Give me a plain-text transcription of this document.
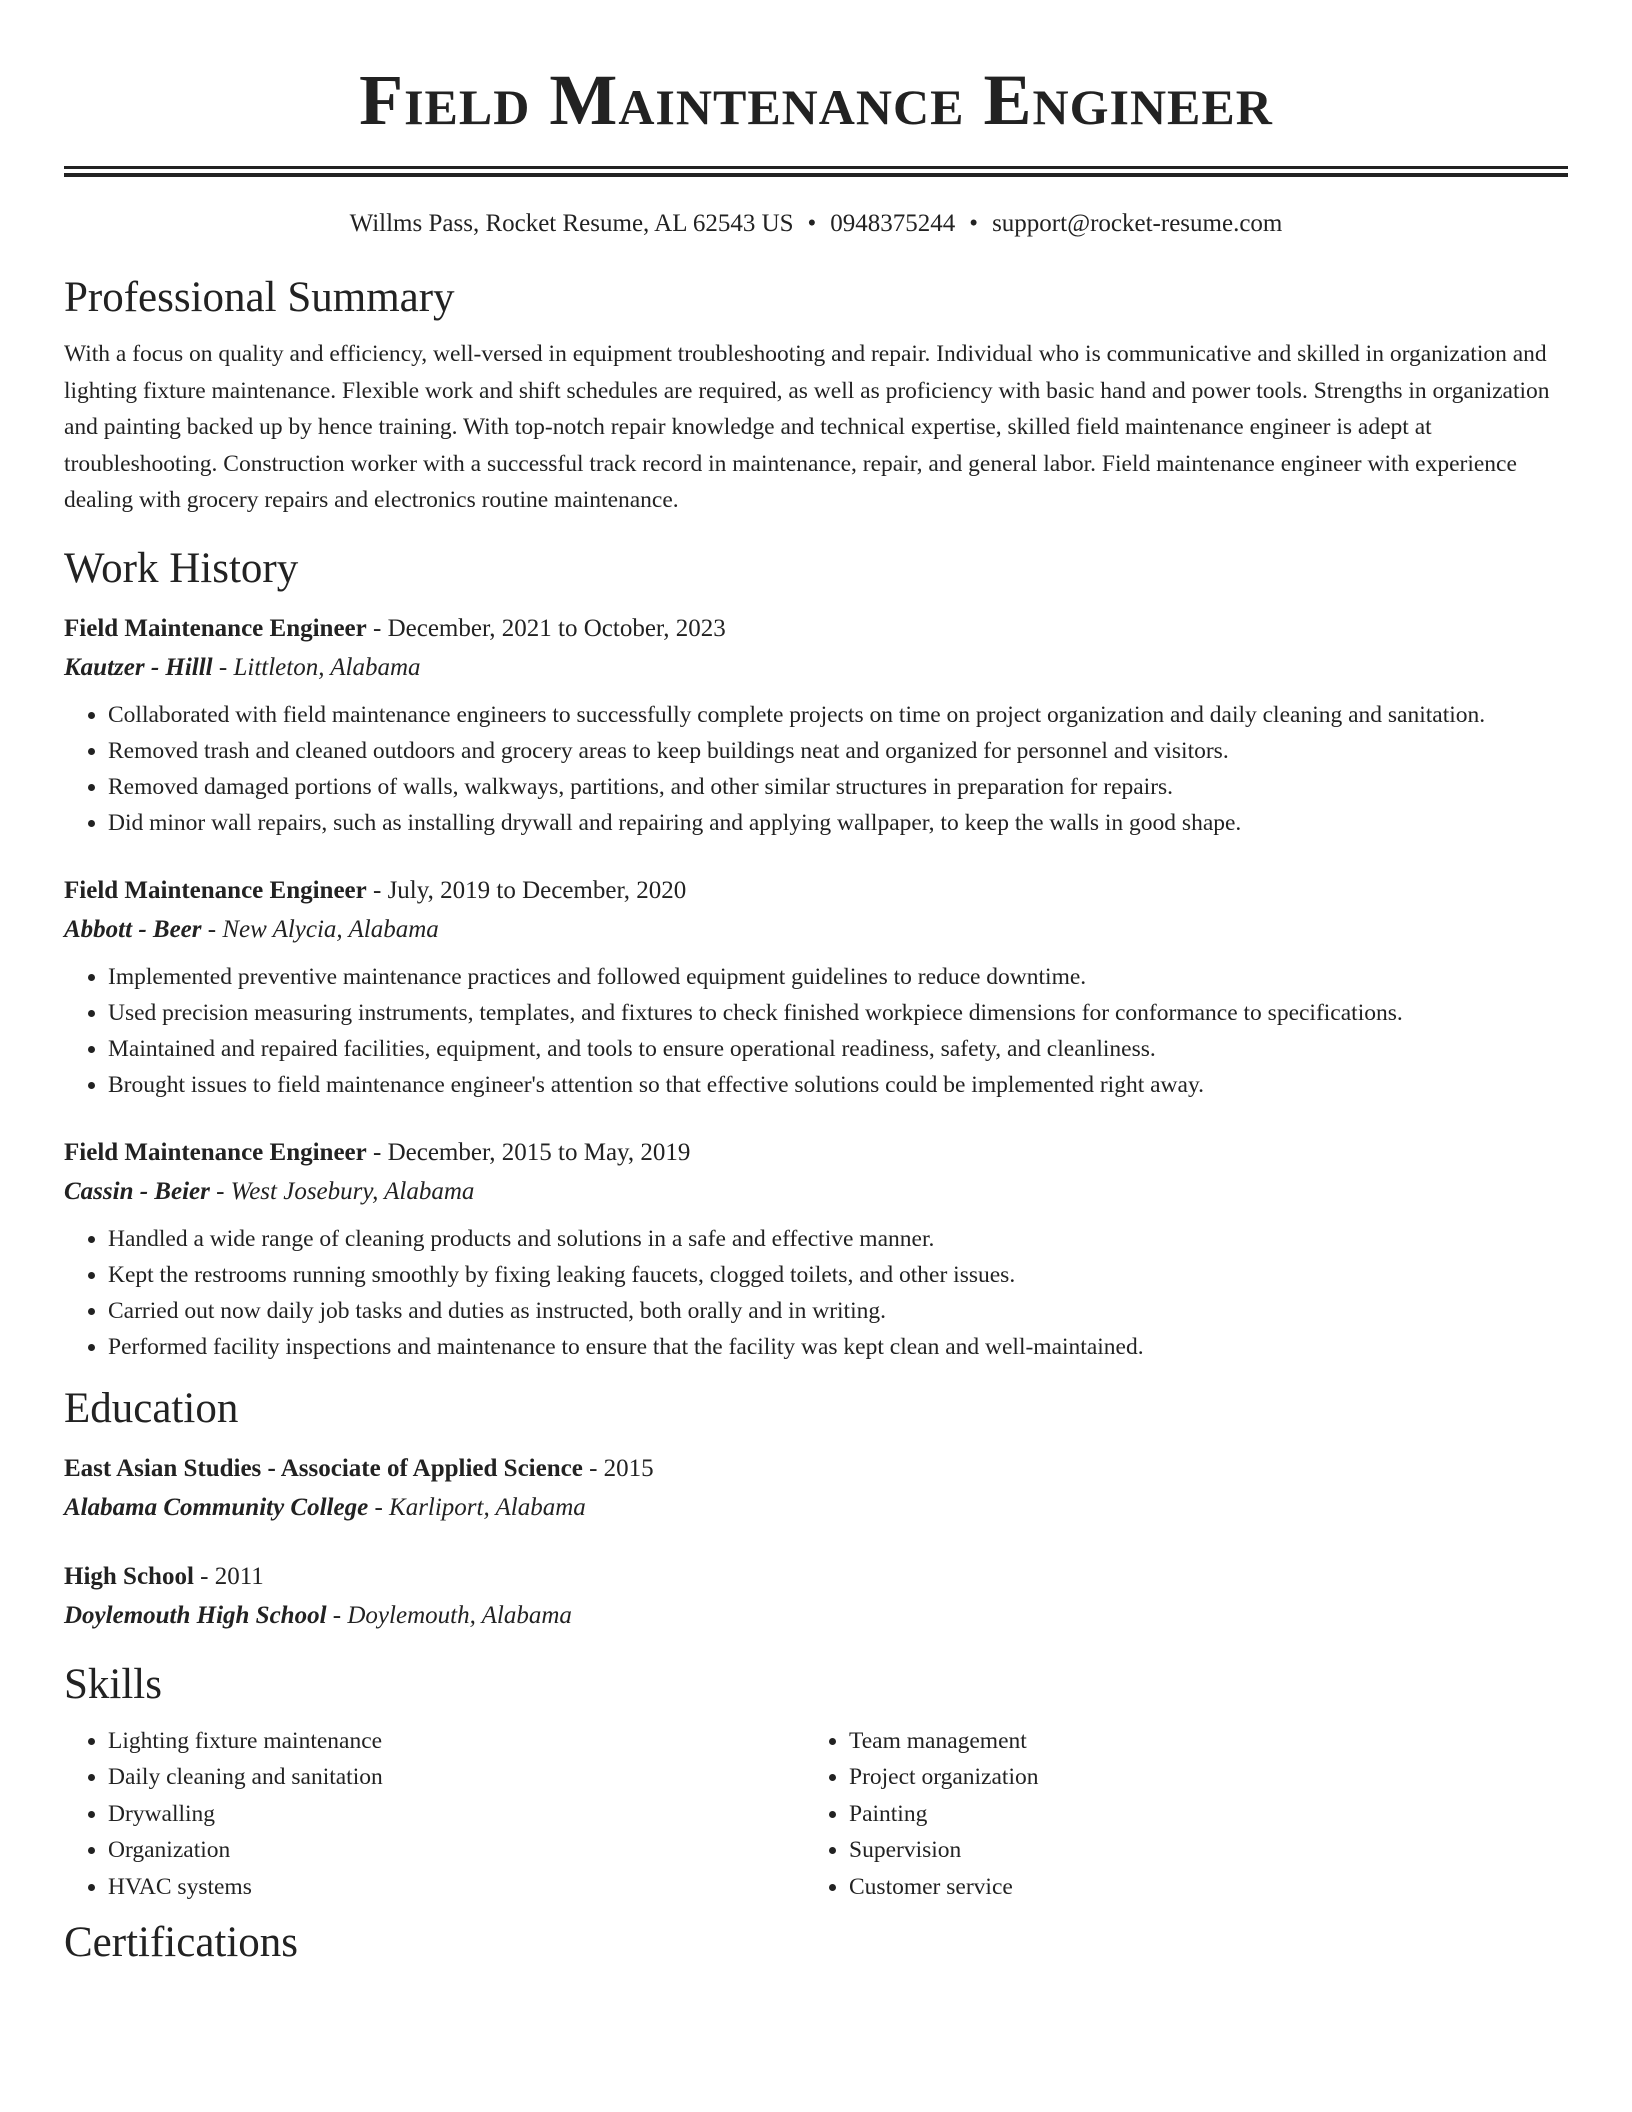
Field Maintenance Engineer
Willms Pass, Rocket Resume, AL 62543 US • 0948375244 • support@rocket-resume.com
Professional Summary

With a focus on quality and efficiency, well-versed in equipment troubleshooting and repair. Individual who is communicative and skilled in organization and lighting fixture maintenance. Flexible work and shift schedules are required, as well as proficiency with basic hand and power tools. Strengths in organization and painting backed up by hence training. With top-notch repair knowledge and technical expertise, skilled field maintenance engineer is adept at troubleshooting. Construction worker with a successful track record in maintenance, repair, and general labor. Field maintenance engineer with experience dealing with grocery repairs and electronics routine maintenance.

Work History
Field Maintenance Engineer - December, 2021 to October, 2023
Kautzer - Hilll - Littleton, Alabama
• Collaborated with field maintenance engineers to successfully complete projects on time on project organization and daily cleaning and sanitation.
• Removed trash and cleaned outdoors and grocery areas to keep buildings neat and organized for personnel and visitors.
• Removed damaged portions of walls, walkways, partitions, and other similar structures in preparation for repairs.
• Did minor wall repairs, such as installing drywall and repairing and applying wallpaper, to keep the walls in good shape.
Field Maintenance Engineer - July, 2019 to December, 2020
Abbott - Beer - New Alycia, Alabama
• Implemented preventive maintenance practices and followed equipment guidelines to reduce downtime.
• Used precision measuring instruments, templates, and fixtures to check finished workpiece dimensions for conformance to specifications.
• Maintained and repaired facilities, equipment, and tools to ensure operational readiness, safety, and cleanliness.
• Brought issues to field maintenance engineer's attention so that effective solutions could be implemented right away.
Field Maintenance Engineer - December, 2015 to May, 2019
Cassin - Beier - West Josebury, Alabama
• Handled a wide range of cleaning products and solutions in a safe and effective manner.
• Kept the restrooms running smoothly by fixing leaking faucets, clogged toilets, and other issues.
• Carried out now daily job tasks and duties as instructed, both orally and in writing.
• Performed facility inspections and maintenance to ensure that the facility was kept clean and well-maintained.
Education
East Asian Studies - Associate of Applied Science - 2015
Alabama Community College - Karliport, Alabama
High School - 2011
Doylemouth High School - Doylemouth, Alabama
Skills
• Lighting fixture maintenance
• Daily cleaning and sanitation
• Drywalling
• Organization
• HVAC systems
• Team management
• Project organization
• Painting
• Supervision
• Customer service
Certifications
